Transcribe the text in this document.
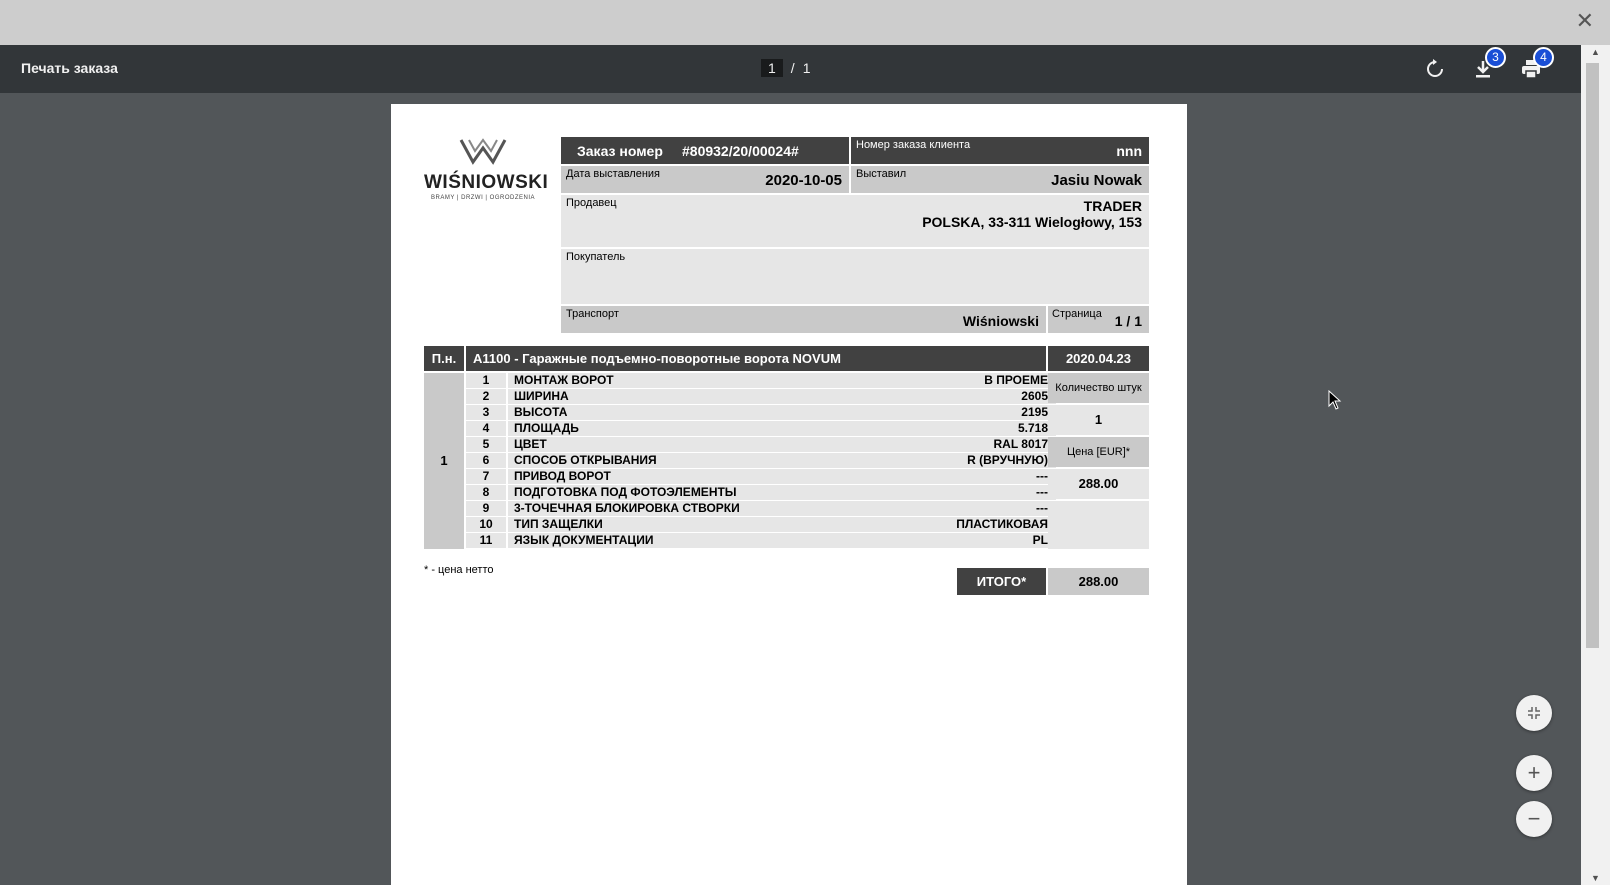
✕
Печать заказа	1	/ 1
3	4	▲
▼
WIŚNIOWSKI
BRAMY | DRZWI | OGRODZENIA
Заказ номер #80932/20/00024#	Номер заказа клиента	nnn
Дата выставления	2020-10-05 Выставил	Jasiu Nowak
Продавец	TRADER
POLSKA, 33-311 Wielogłowy, 153
Покупатель
Транспорт	Wiśniowski Страница 1 / 1
П.н.	A1100 - Гаражные подъемно-поворотные ворота NOVUM	2020.04.23
1
1	МОНТАЖ ВОРОТ	В ПРОЕМЕ
2	ШИРИНА	2605
3	ВЫСОТА	2195
4	ПЛОЩАДЬ	5.718
5	ЦВЕТ	RAL 8017
6	СПОСОБ ОТКРЫВАНИЯ	R (ВРУЧНУЮ)
7	ПРИВОД ВОРОТ	---
8	ПОДГОТОВКА ПОД ФОТОЭЛЕМЕНТЫ	---
9	3-ТОЧЕЧНАЯ БЛОКИРОВКА СТВОРКИ	---
10	ТИП ЗАЩЕЛКИ	ПЛАСТИКОВАЯ
11	ЯЗЫК ДОКУМЕНТАЦИИ	PL
Количество штук
1
Цена [EUR]*
288.00
* - цена нетто
ИТОГО*	288.00
+
−
